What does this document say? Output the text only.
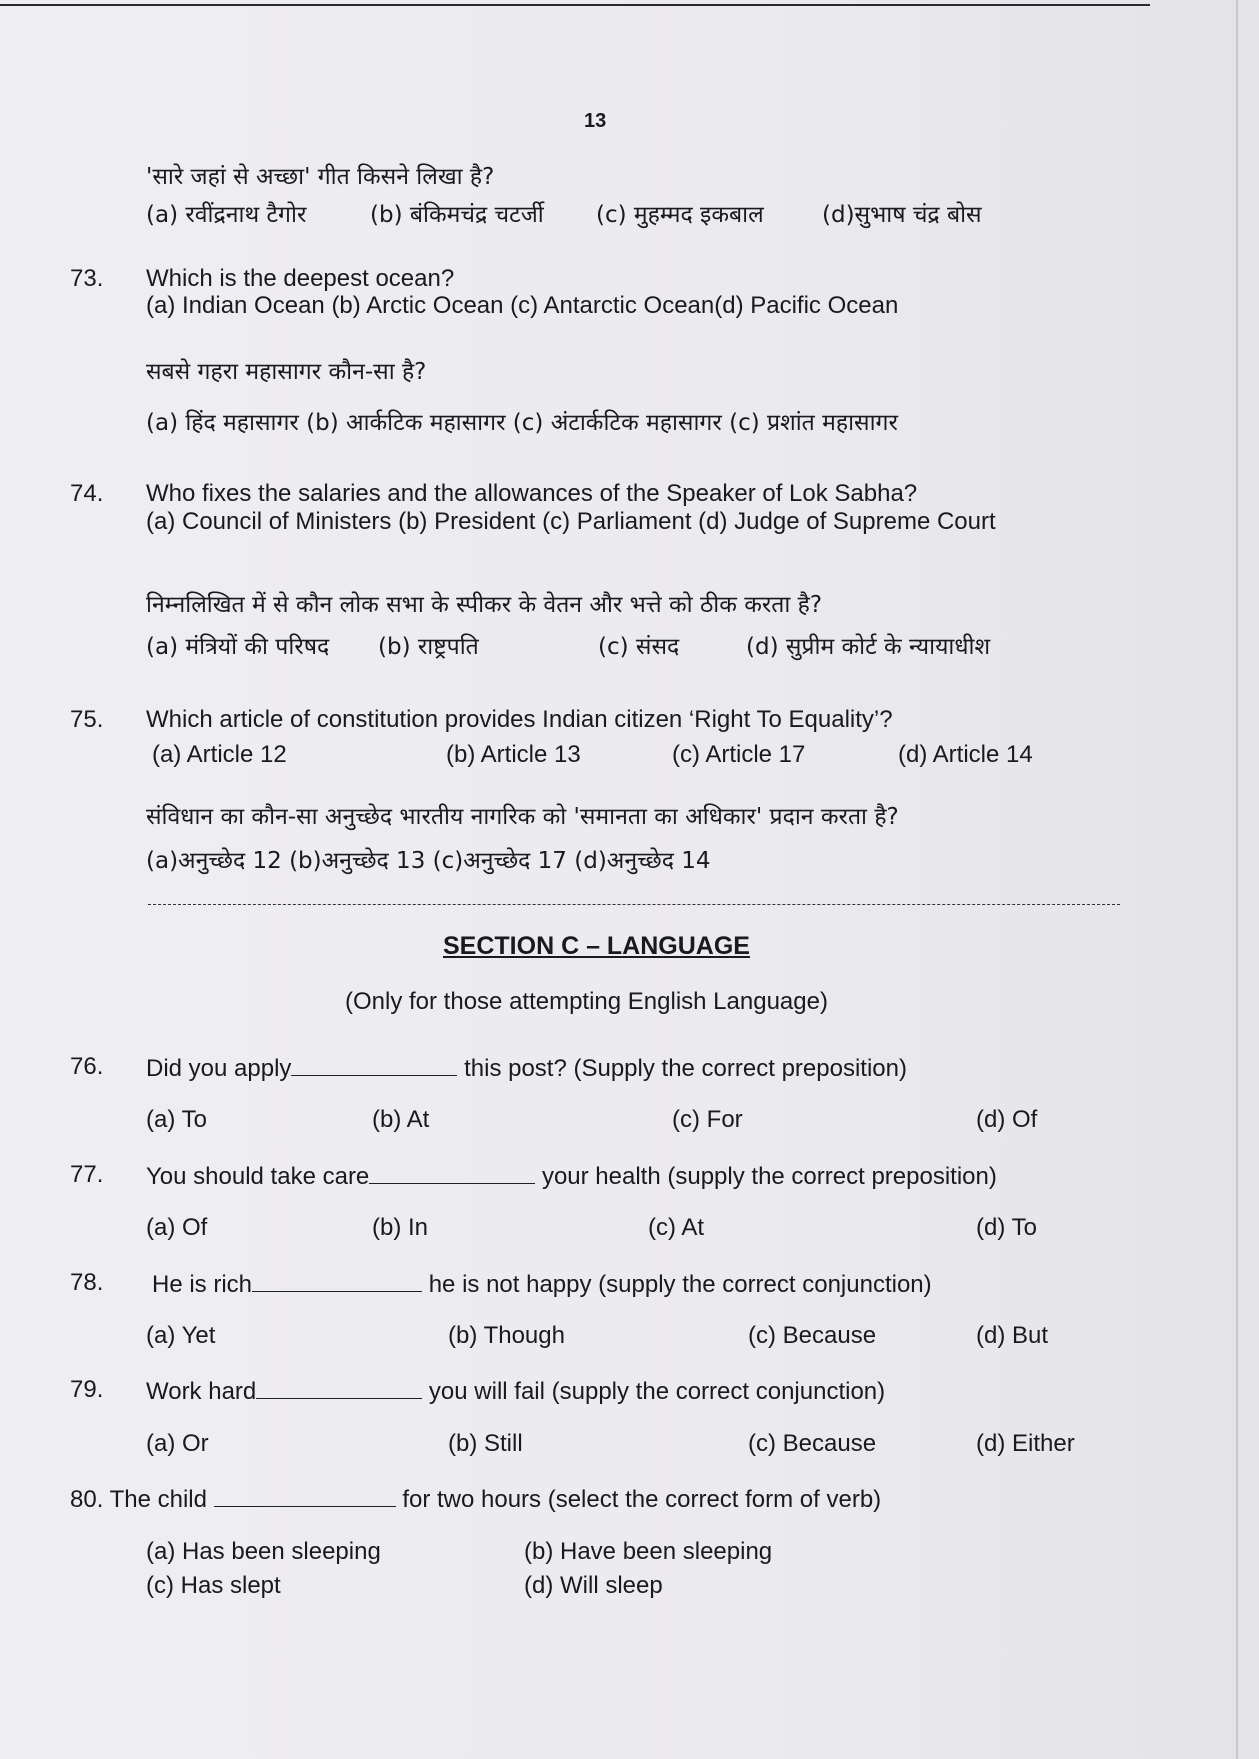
13
'सारे जहां से अच्छा' गीत किसने लिखा है?
(a) रवींद्रनाथ टैगोर	(b) बंकिमचंद्र चटर्जी (c) मुहम्मद इकबाल	(d)सुभाष चंद्र बोस
73. Which is the deepest ocean?
(a) Indian Ocean (b) Arctic Ocean (c) Antarctic Ocean(d) Pacific Ocean
सबसे गहरा महासागर कौन-सा है?
(a) हिंद महासागर (b) आर्कटिक महासागर (c) अंटार्कटिक महासागर (c) प्रशांत महासागर
74. Who fixes the salaries and the allowances of the Speaker of Lok Sabha?
(a) Council of Ministers (b) President (c) Parliament (d) Judge of Supreme Court
निम्नलिखित में से कौन लोक सभा के स्पीकर के वेतन और भत्ते को ठीक करता है?
(a) मंत्रियों की परिषद (b) राष्ट्रपति	(c) संसद	(d) सुप्रीम कोर्ट के न्यायाधीश
75. Which article of constitution provides Indian citizen ‘Right To Equality’?
(a) Article 12	(b) Article 13	(c) Article 17	(d) Article 14
संविधान का कौन-सा अनुच्छेद भारतीय नागरिक को 'समानता का अधिकार' प्रदान करता है?
(a)अनुच्छेद 12 (b)अनुच्छेद 13 (c)अनुच्छेद 17 (d)अनुच्छेद 14
SECTION C – LANGUAGE
(Only for those attempting English Language)
76. Did you apply	this post? (Supply the correct preposition)
(a) To	(b) At	(c) For	(d) Of
77. You should take care	your health (supply the correct preposition)
(a) Of	(b) In	(c) At	(d) To
78. He is rich	he is not happy (supply the correct conjunction)
(a) Yet	(b) Though	(c) Because	(d) But
79. Work hard	you will fail (supply the correct conjunction)
(a) Or	(b) Still	(c) Because	(d) Either
80. The child	for two hours (select the correct form of verb)
(a) Has been sleeping	(b) Have been sleeping
(c) Has slept	(d) Will sleep
